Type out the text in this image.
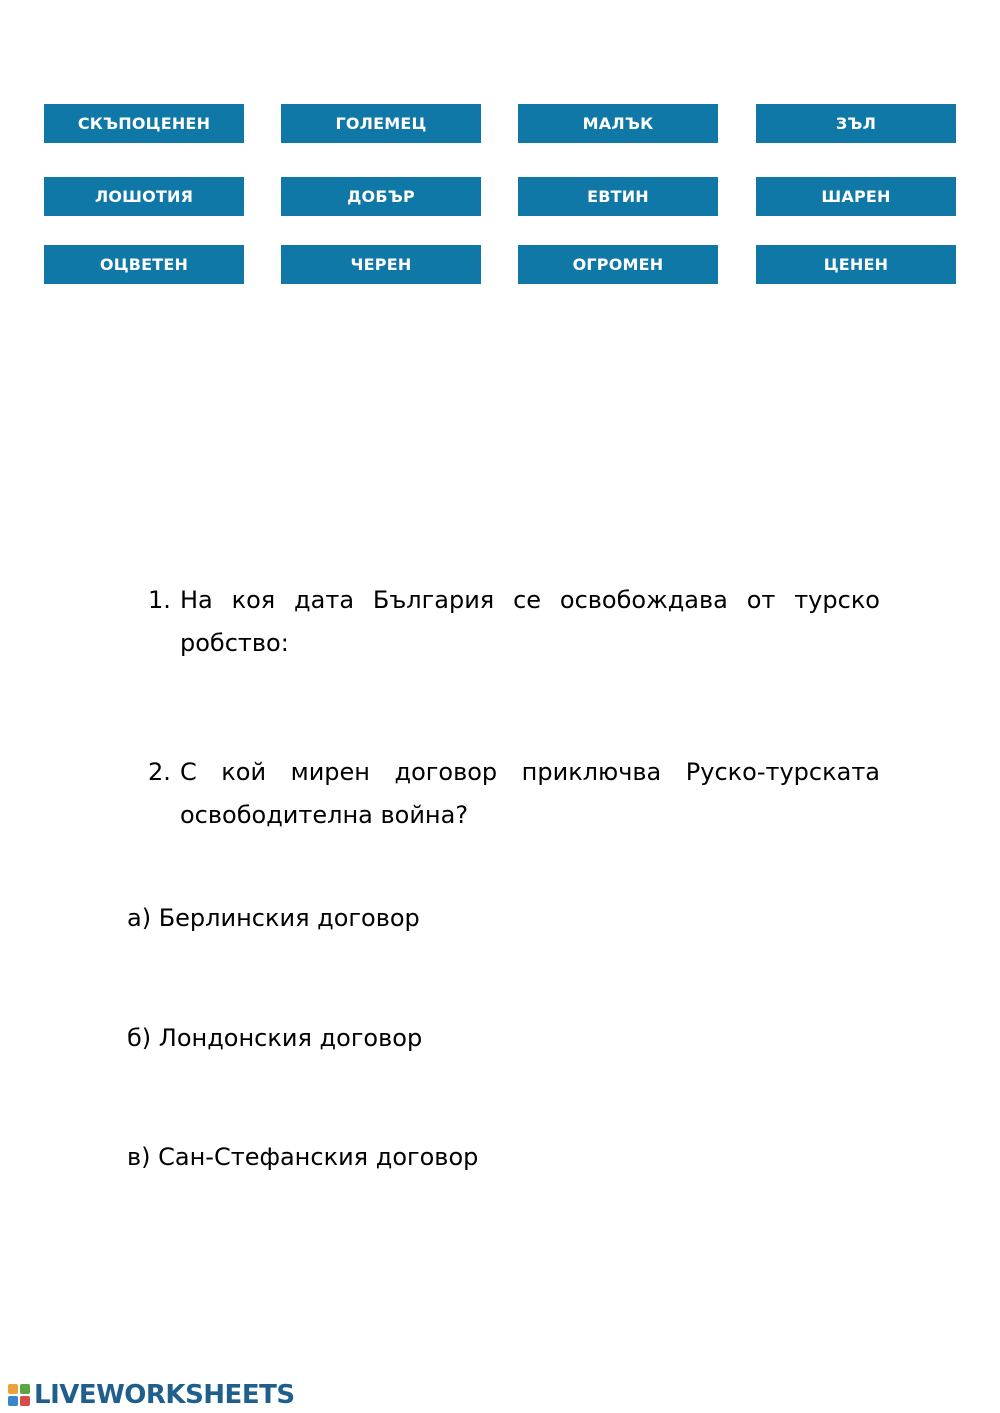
СКЪПОЦЕНЕН	ГОЛЕМЕЦ	МАЛЪК	ЗЪЛ
ЛОШОТИЯ	ДОБЪР	ЕВТИН	ШАРЕН
ОЦВЕТЕН	ЧЕРЕН	ОГРОМЕН	ЦЕНЕН
1. На коя дата България се освобождава от турско робство:
2. С кой мирен договор приключва Руско-турската освободителна война?
а) Берлинския договор
б) Лондонския договор
в) Сан-Стефанския договор
LIVEWORKSHEETS
